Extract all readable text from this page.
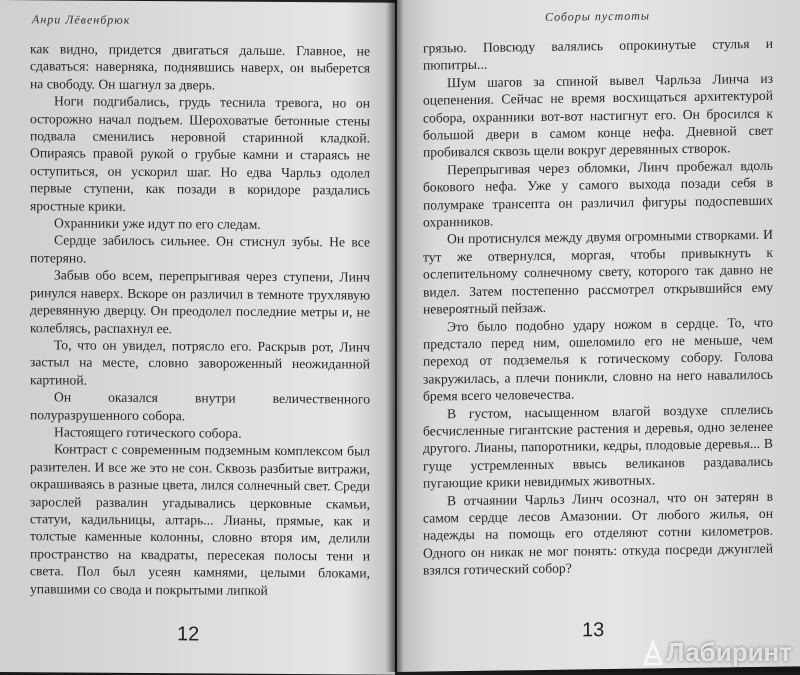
Анри Лёвенбрюк

как видно, придется двигаться дальше. Главное, не сдаваться: наверняка, поднявшись наверх, он выберется на свободу. Он шагнул за дверь.

Ноги подгибались, грудь теснила тревога, но он осторожно начал подъем. Шероховатые бетонные стены подвала сменились неровной старинной кладкой. Опираясь правой рукой о грубые камни и стараясь не оступиться, он ускорил шаг. Но едва Чарльз одолел первые ступени, как позади в коридоре раздались яростные крики.

Охранники уже идут по его следам.

Сердце забилось сильнее. Он стиснул зубы. Не все потеряно.

Забыв обо всем, перепрыгивая через ступени, Линч ринулся наверх. Вскоре он различил в темноте трухлявую деревянную дверцу. Он преодолел последние метры и, не колеблясь, распахнул ее.

То, что он увидел, потрясло его. Раскрыв рот, Линч застыл на месте, словно завороженный неожиданной картиной.

Он оказался внутри величественного полуразрушенного собора.

Настоящего готического собора.

Контраст с современным подземным комплексом был разителен. И все же это не сон. Сквозь разбитые витражи, окрашиваясь в разные цвета, лился солнечный свет. Среди зарослей развалин угадывались церковные скамьи, статуи, кадильницы, алтарь... Лианы, прямые, как и толстые каменные колонны, словно вторя им, делили пространство на квадраты, пересекая полосы тени и света. Пол был усеян камнями, целыми блоками, упавшими со свода и покрытыми липкой

12
Соборы пустоты

грязью. Повсюду валялись опрокинутые стулья и пюпитры...

Шум шагов за спиной вывел Чарльза Линча из оцепенения. Сейчас не время восхищаться архитектурой собора, охранники вот-вот настигнут его. Он бросился к большой двери в самом конце нефа. Дневной свет пробивался сквозь щели вокруг деревянных створок.

Перепрыгивая через обломки, Линч пробежал вдоль бокового нефа. Уже у самого выхода позади себя в полумраке трансепта он различил фигуры подоспевших охранников.

Он протиснулся между двумя огромными створками. И тут же отвернулся, моргая, чтобы привыкнуть к ослепительному солнечному свету, которого так давно не видел. Затем постепенно рассмотрел открывшийся ему невероятный пейзаж.

Это было подобно удару ножом в сердце. То, что предстало перед ним, ошеломило его не меньше, чем переход от подземелья к готическому собору. Голова закружилась, а плечи поникли, словно на него навалилось бремя всего человечества.

В густом, насыщенном влагой воздухе сплелись бесчисленные гигантские растения и деревья, одно зеленее другого. Лианы, папоротники, кедры, плодовые деревья... В гуще устремленных ввысь великанов раздавались пугающие крики невидимых животных.

В отчаянии Чарльз Линч осознал, что он затерян в самом сердце лесов Амазонии. От любого жилья, он надежды на помощь его отделяют сотни километров. Одного он никак не мог понять: откуда посреди джунглей взялся готический собор?

13
Лабиринт
